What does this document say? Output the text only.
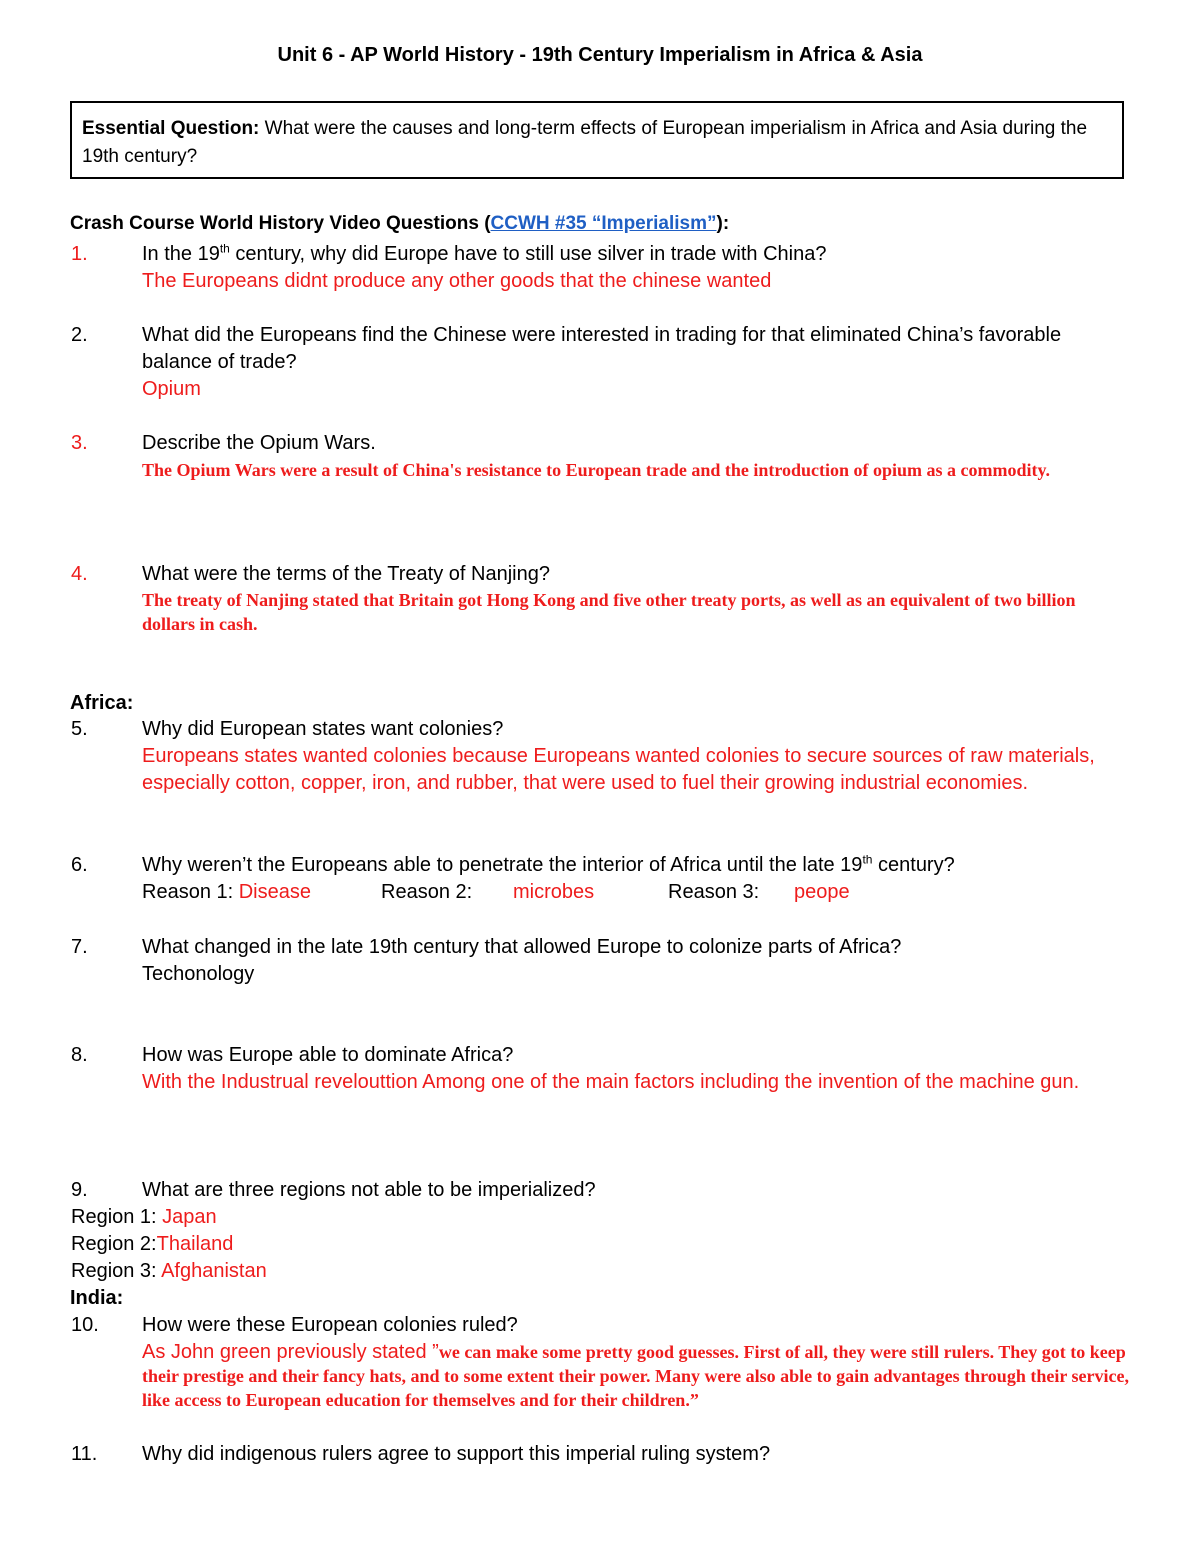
Unit 6 - AP World History - 19th Century Imperialism in Africa & Asia
Essential Question: What were the causes and long-term effects of European imperialism in Africa and Asia during the 19th century?
Crash Course World History Video Questions (CCWH #35 “Imperialism”):
1.	In the 19th century, why did Europe have to still use silver in trade with China?
The Europeans didnt produce any other goods that the chinese wanted
2.	What did the Europeans find the Chinese were interested in trading for that eliminated China’s favorable balance of trade?
Opium
3.	Describe the Opium Wars.
The Opium Wars were a result of China's resistance to European trade and the introduction of opium as a commodity.
4.	What were the terms of the Treaty of Nanjing?
The treaty of Nanjing stated that Britain got Hong Kong and five other treaty ports, as well as an equivalent of two billion dollars in cash.
Africa:
5.	Why did European states want colonies?
Europeans states wanted colonies because Europeans wanted colonies to secure sources of raw materials, especially cotton, copper, iron, and rubber, that were used to fuel their growing industrial economies.
6.	Why weren’t the Europeans able to penetrate the interior of Africa until the late 19th century?
Reason 1: Disease	Reason 2: microbes	Reason 3: peope
7.	What changed in the late 19th century that allowed Europe to colonize parts of Africa?
Techonology
8.	How was Europe able to dominate Africa?
With the Industrual revelouttion Among one of the main factors including the invention of the machine gun.
9.	What are three regions not able to be imperialized?
Region 1: Japan
Region 2:Thailand
Region 3: Afghanistan
India:
10. How were these European colonies ruled?
As John green previously stated ”we can make some pretty good guesses. First of all, they were still rulers. They got to keep their prestige and their fancy hats, and to some extent their power. Many were also able to gain advantages through their service, like access to European education for themselves and for their children.”
11. Why did indigenous rulers agree to support this imperial ruling system?
